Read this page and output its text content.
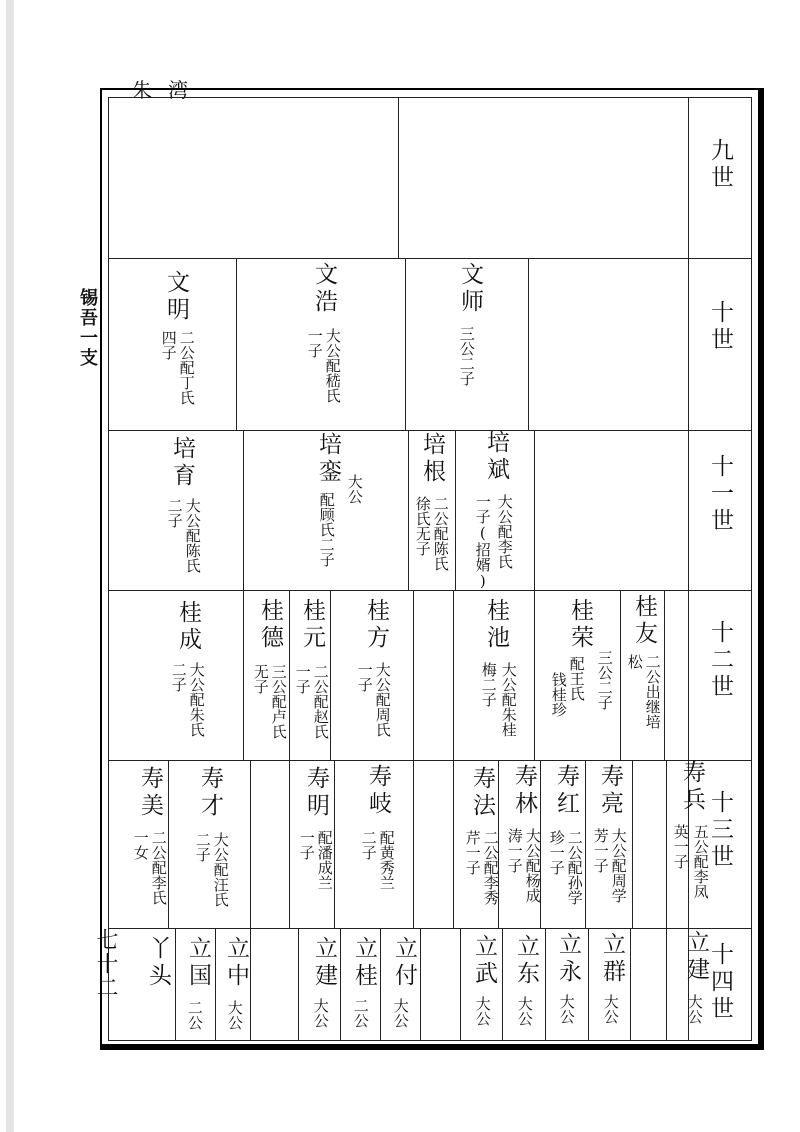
朱湾
锡吾一支
七十二
九世
十世
十一世
十二世
十三世
十四世
文明
二公配丁氏
四子
文浩
大公配嵇氏
一子
文师
三公二子
培育
大公配陈氏
二子
培銮
配顾氏二子
大公
培根
二公配陈氏
徐氏无子
培斌
大公配李氏
一子(招婿)
桂成
大公配朱氏
二子
桂德
三公配卢氏
无子
桂元
二公配赵氏
一子
桂方
大公配周氏
一子
桂池
大公配朱桂
梅二子
桂荣
三公二子
配王氏
钱桂珍
桂友
二公出继培
松
寿美
二公配李氏
一女
寿才
大公配汪氏
二子
寿明
配潘成兰
一子
寿岐
配黄秀兰
二子
寿法
二公配李秀
芹一子
寿林
大公配杨成
涛一子
寿红
二公配孙学
珍一子
寿亮
大公配周学
芳一子
寿兵
五公配李凤
英一子
丫头 立国
二公
立中
大公
立建
大公
立桂
二公
立付
大公
立武
大公
立东
大公
立永
大公
立群
大公
立建
大公
